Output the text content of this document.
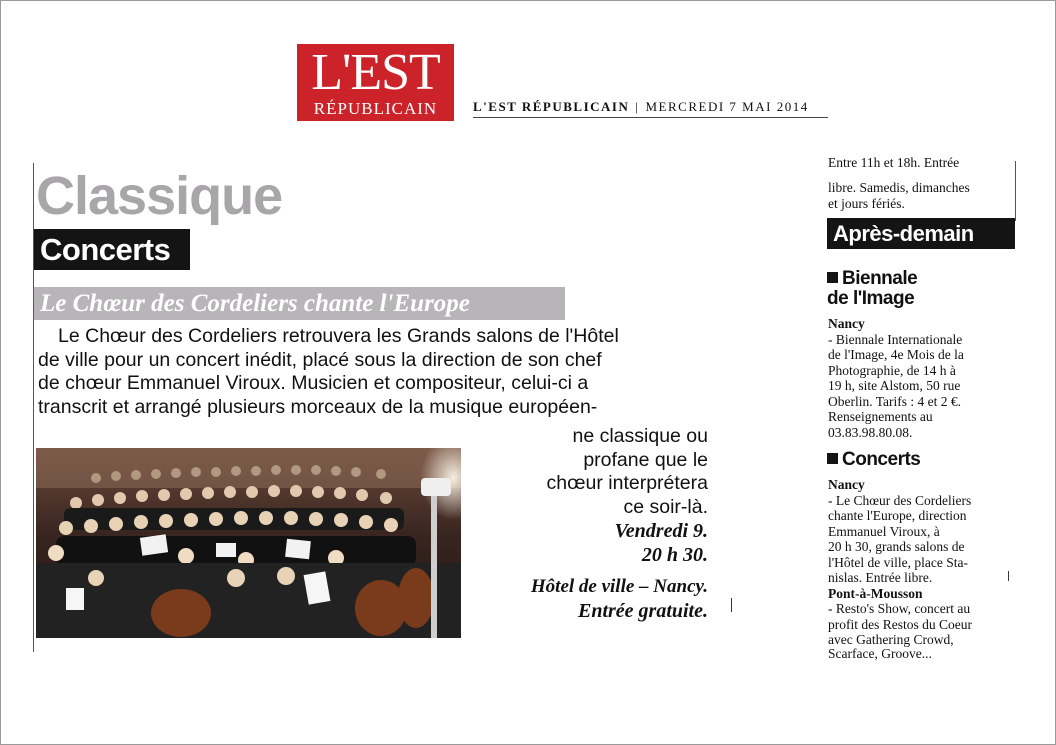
L'EST
RÉPUBLICAIN	L'EST RÉPUBLICAIN | MERCREDI 7 MAI 2014
Classique
Concerts
Le Chœur des Cordeliers chante l'Europe
Le Chœur des Cordeliers retrouvera les Grands salons de l'Hôtel
de ville pour un concert inédit, placé sous la direction de son chef
de chœur Emmanuel Viroux. Musicien et compositeur, celui-ci a
transcrit et arrangé plusieurs morceaux de la musique européen-
ne classique ou
profane que le
chœur interprétera
ce soir-là.
Vendredi 9.
20 h 30.
Hôtel de ville – Nancy.
Entrée gratuite.
Entre 11h et 18h. Entrée
libre. Samedis, dimanches
et jours fériés.
Après-demain
Biennale
de l'Image
Nancy
- Biennale Internationale
de l'Image, 4e Mois de la
Photographie, de 14 h à
19 h, site Alstom, 50 rue
Oberlin. Tarifs : 4 et 2 €.
Renseignements au
03.83.98.80.08.
Concerts
Nancy
- Le Chœur des Cordeliers
chante l'Europe, direction
Emmanuel Viroux, à
20 h 30, grands salons de
l'Hôtel de ville, place Sta-
nislas. Entrée libre.
Pont-à-Mousson
- Resto's Show, concert au
profit des Restos du Coeur
avec Gathering Crowd,
Scarface, Groove...
